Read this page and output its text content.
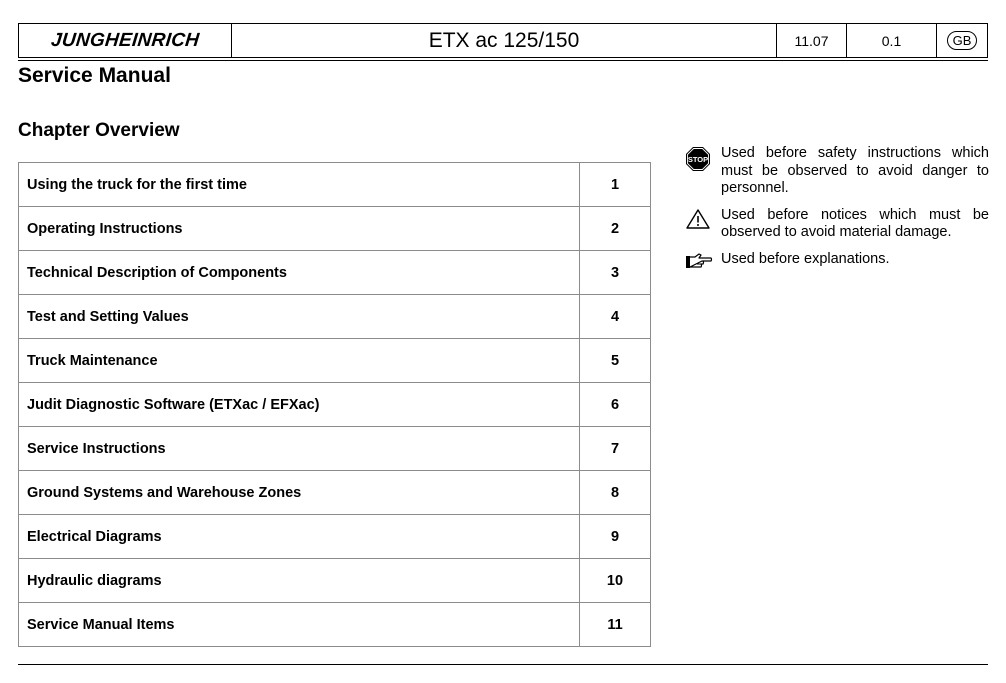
JUNGHEINRICH	ETX ac 125/150	11.07	0.1	GB
Service Manual
Chapter Overview
Using the truck for the first time	1
Operating Instructions	2
Technical Description of Components	3
Test and Setting Values	4
Truck Maintenance	5
Judit Diagnostic Software (ETXac / EFXac)	6
Service Instructions	7
Ground Systems and Warehouse Zones	8
Electrical Diagrams	9
Hydraulic diagrams	10
Service Manual Items	11
STOP Used before safety instructions which must be observed to avoid danger to personnel.
Used before notices which must be observed to avoid material damage.
Used before explanations.
